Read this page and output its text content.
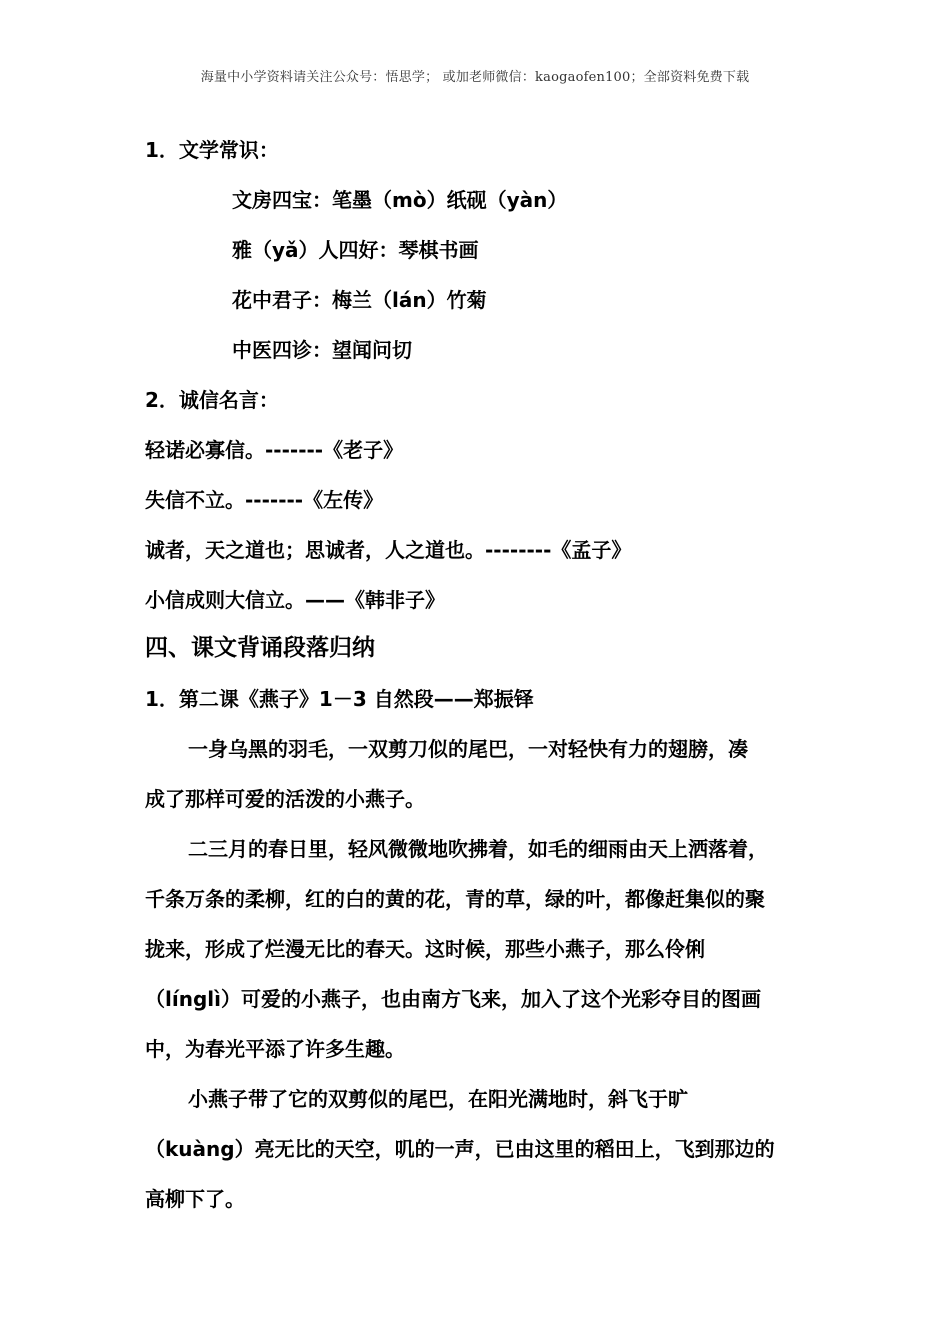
海量中小学资料请关注公众号：悟思学； 或加老师微信：kaogaofen100；全部资料免费下载
1．文学常识：
文房四宝：笔墨（mò）纸砚（yàn）
雅（yǎ）人四好：琴棋书画
花中君子：梅兰（lán）竹菊
中医四诊：望闻问切
2．诚信名言：
轻诺必寡信。-------《老子》
失信不立。-------《左传》
诚者，天之道也；思诚者，人之道也。--------《孟子》
小信成则大信立。——《韩非子》
四、课文背诵段落归纳
1．第二课《燕子》1－3 自然段——郑振铎
一身乌黑的羽毛，一双剪刀似的尾巴，一对轻快有力的翅膀，凑
成了那样可爱的活泼的小燕子。
二三月的春日里，轻风微微地吹拂着，如毛的细雨由天上洒落着，
千条万条的柔柳，红的白的黄的花，青的草，绿的叶，都像赶集似的聚
拢来，形成了烂漫无比的春天。这时候，那些小燕子，那么伶俐
（línglì）可爱的小燕子，也由南方飞来，加入了这个光彩夺目的图画
中，为春光平添了许多生趣。
小燕子带了它的双剪似的尾巴，在阳光满地时，斜飞于旷
（kuàng）亮无比的天空，叽的一声，已由这里的稻田上，飞到那边的
高柳下了。
